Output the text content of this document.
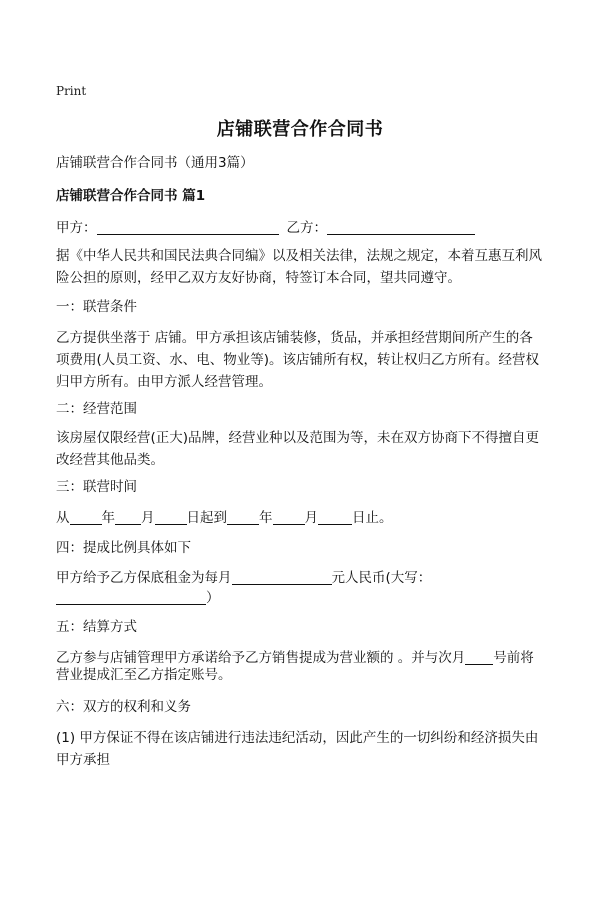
Print
店铺联营合作合同书
店铺联营合作合同书（通用3篇）
店铺联营合作合同书 篇1
甲方：	乙方：
据《中华人民共和国民法典合同编》以及相关法律，法规之规定，本着互惠互利风险公担的原则，经甲乙双方友好协商，特签订本合同，望共同遵守。
一：联营条件
乙方提供坐落于 店铺。甲方承担该店铺装修，货品，并承担经营期间所产生的各项费用(人员工资、水、电、物业等)。该店铺所有权，转让权归乙方所有。经营权归甲方所有。由甲方派人经营管理。
二：经营范围
该房屋仅限经营(正大)品牌，经营业种以及范围为等，未在双方协商下不得擅自更改经营其他品类。
三：联营时间
从 年 月 日起到 年 月	日止。
四：提成比例具体如下
甲方给予乙方保底租金为每月	元人民币(大写：
）
五：结算方式
乙方参与店铺管理甲方承诺给予乙方销售提成为营业额的 。并与次月 号前将
营业提成汇至乙方指定账号。
六：双方的权利和义务
(1) 甲方保证不得在该店铺进行违法违纪活动，因此产生的一切纠纷和经济损失由甲方承担
